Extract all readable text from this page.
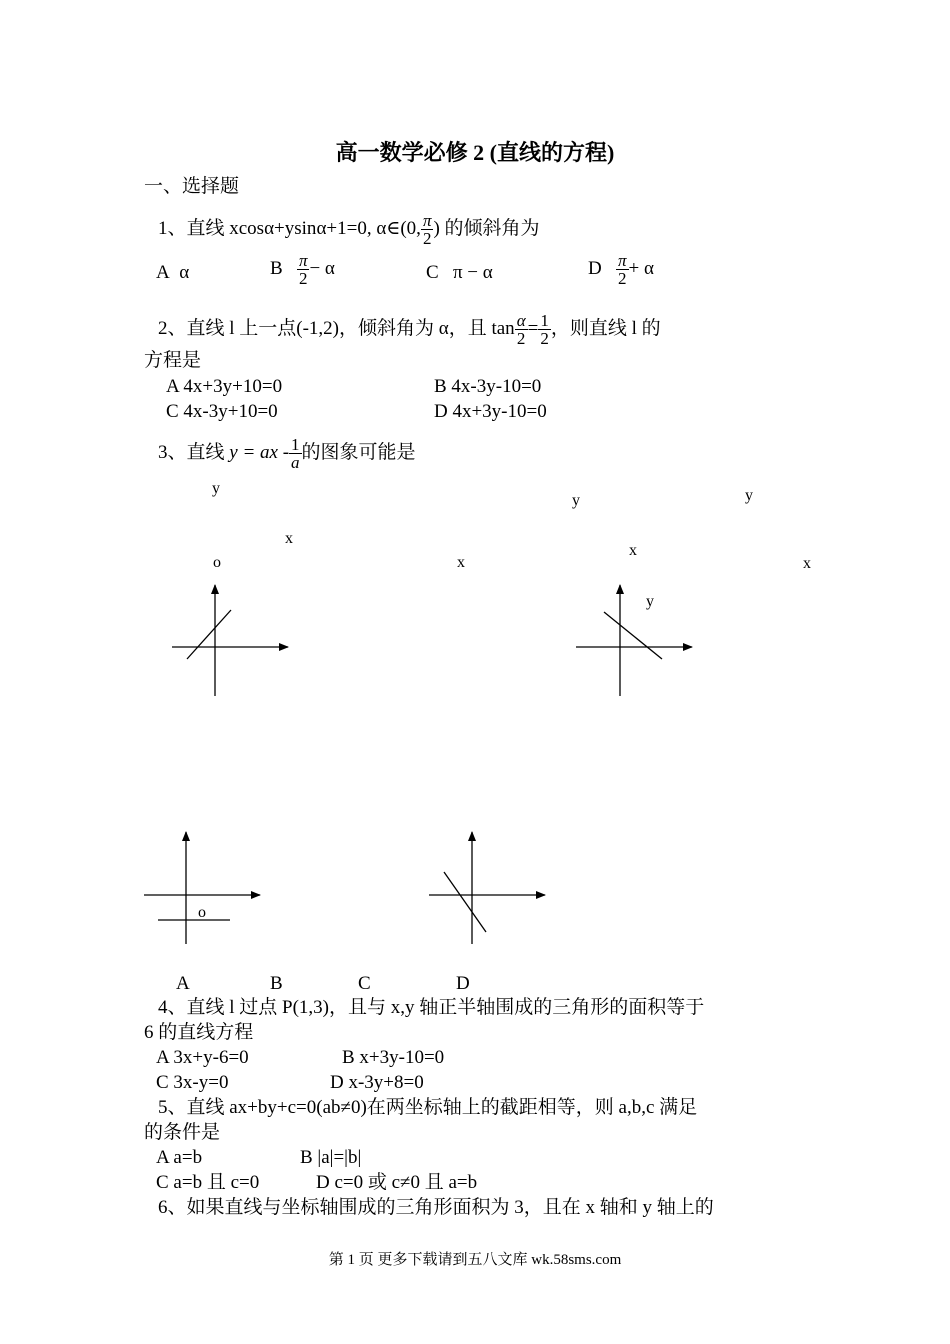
高一数学必修 2 (直线的方程)
一、选择题
1、直线 xcosα+ysinα+1=0, α∈(0, $\frac{\pi}{2}$ ) 的倾斜角为
A α	B $\frac{\pi}{2} - \alpha$	C π − α	D $\frac{\pi}{2} + \alpha$
2、直线 l 上一点(-1,2)，倾斜角为 α，且 $\tan \frac{\alpha}{2} = \frac{1}{2}$ ，则直线 l 的
方程是
A 4x+3y+10=0	B 4x-3y-10=0
C 4x-3y+10=0	D 4x+3y-10=0
3、直线 y = ax - $\frac{1}{a}$ 的图象可能是
y
x
o	x
y	y
x
x
y
o
A	B	C	D
4、直线 l 过点 P(1,3)，且与 x,y 轴正半轴围成的三角形的面积等于
6 的直线方程
A 3x+y-6=0	B x+3y-10=0
C 3x-y=0	D x-3y+8=0
5、直线 ax+by+c=0(ab≠0)在两坐标轴上的截距相等，则 a,b,c 满足
的条件是
A a=b	B |a|=|b|
C a=b 且 c=0	D c=0 或 c≠0 且 a=b
6、如果直线与坐标轴围成的三角形面积为 3，且在 x 轴和 y 轴上的
第 1 页 更多下载请到五八文库 wk.58sms.com
